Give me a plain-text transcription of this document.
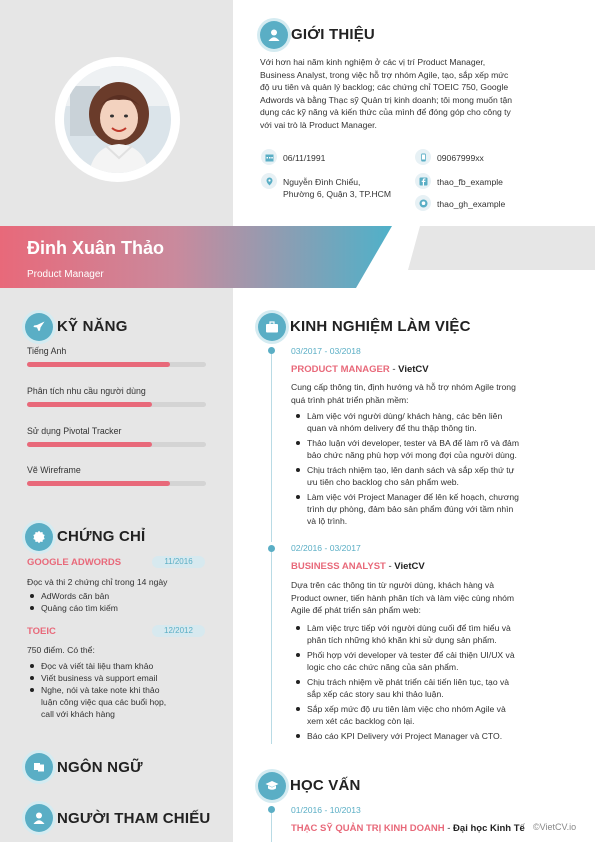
Đinh Xuân Thảo
Product Manager
GIỚI THIỆU
Với hơn hai năm kinh nghiệm ở các vị trí Product Manager,
Business Analyst, trong việc hỗ trợ nhóm Agile, tạo, sắp xếp mức
độ ưu tiên và quản lý backlog; các chứng chỉ TOEIC 750, Google
Adwords và bằng Thạc sỹ Quản trị kinh doanh; tôi mong muốn tận
dụng các kỹ năng và kiến thức của mình để đóng góp cho công ty
với vai trò là Product Manager.
06/11/1991	09067999xx
Nguyễn Đình Chiểu,
Phường 6, Quận 3, TP.HCM
thao_fb_example
thao_gh_example
KỸ NĂNG
Tiếng Anh
Phân tích nhu cầu người dùng
Sử dụng Pivotal Tracker
Vẽ Wireframe
CHỨNG CHỈ
GOOGLE ADWORDS	11/2016
Đọc và thi 2 chứng chỉ trong 14 ngày
AdWords căn bản
Quảng cáo tìm kiếm
TOEIC	12/2012
750 điểm. Có thể:
Đọc và viết tài liệu tham khảo
Viết business và support email
Nghe, nói và take note khi thảo
luận công việc qua các buổi họp,
call với khách hàng
NGÔN NGỮ
NGƯỜI THAM CHIẾU
KINH NGHIỆM LÀM VIỆC
03/2017 - 03/2018
PRODUCT MANAGER - VietCV
Cung cấp thông tin, định hướng và hỗ trợ nhóm Agile trong
quá trình phát triển phần mềm:
Làm việc với người dùng/ khách hàng, các bên liên
quan và nhóm delivery để thu thập thông tin.
Thảo luận với developer, tester và BA để làm rõ và đảm
bảo chức năng phù hợp với mong đợi của người dùng.
Chịu trách nhiệm tạo, lên danh sách và sắp xếp thứ tự
ưu tiên cho backlog cho sản phẩm web.
Làm việc với Project Manager để lên kế hoạch, chương
trình dự phòng, đảm bảo sản phẩm đúng với tầm nhìn
và lộ trình.
02/2016 - 03/2017
BUSINESS ANALYST - VietCV
Dựa trên các thông tin từ người dùng, khách hàng và
Product owner, tiến hành phân tích và làm việc cùng nhóm
Agile để phát triển sản phẩm web:
Làm việc trực tiếp với người dùng cuối để tìm hiểu và
phân tích những khó khăn khi sử dụng sản phẩm.
Phối hợp với developer và tester để cải thiện UI/UX và
logic cho các chức năng của sản phẩm.
Chịu trách nhiệm về phát triển cải tiến liên tục, tạo và
sắp xếp các story sau khi thảo luận.
Sắp xếp mức độ ưu tiên làm việc cho nhóm Agile và
xem xét các backlog còn lại.
Báo cáo KPI Delivery với Project Manager và CTO.
HỌC VẤN
01/2016 - 10/2013
THẠC SỸ QUẢN TRỊ KINH DOANH - Đại học Kinh Tế ©VietCV.io
